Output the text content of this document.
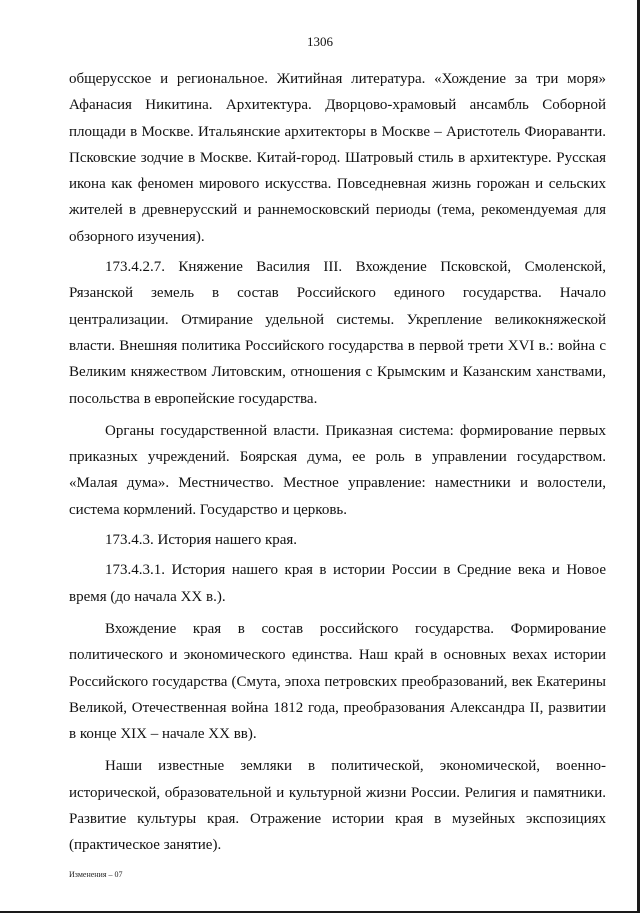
1306

общерусское и региональное. Житийная литература. «Хождение за три моря» Афанасия Никитина. Архитектура. Дворцово-храмовый ансамбль Соборной площади в Москве. Итальянские архитекторы в Москве – Аристотель Фиораванти. Псковские зодчие в Москве. Китай-город. Шатровый стиль в архитектуре. Русская икона как феномен мирового искусства. Повседневная жизнь горожан и сельских жителей в древнерусский и раннемосковский периоды (тема, рекомендуемая для обзорного изучения).

173.4.2.7. Княжение Василия III. Вхождение Псковской, Смоленской, Рязанской земель в состав Российского единого государства. Начало централизации. Отмирание удельной системы. Укрепление великокняжеской власти. Внешняя политика Российского государства в первой трети XVI в.: война с Великим княжеством Литовским, отношения с Крымским и Казанским ханствами, посольства в европейские государства.

Органы государственной власти. Приказная система: формирование первых приказных учреждений. Боярская дума, ее роль в управлении государством. «Малая дума». Местничество. Местное управление: наместники и волостели, система кормлений. Государство и церковь.

173.4.3. История нашего края.

173.4.3.1. История нашего края в истории России в Средние века и Новое время (до начала XX в.).

Вхождение края в состав российского государства. Формирование политического и экономического единства. Наш край в основных вехах истории Российского государства (Смута, эпоха петровских преобразований, век Екатерины Великой, Отечественная война 1812 года, преобразования Александра II, развитии в конце XIX – начале XX вв).

Наши известные земляки в политической, экономической, военно-исторической, образовательной и культурной жизни России. Религия и памятники. Развитие культуры края. Отражение истории края в музейных экспозициях (практическое занятие).

Изменения – 07
